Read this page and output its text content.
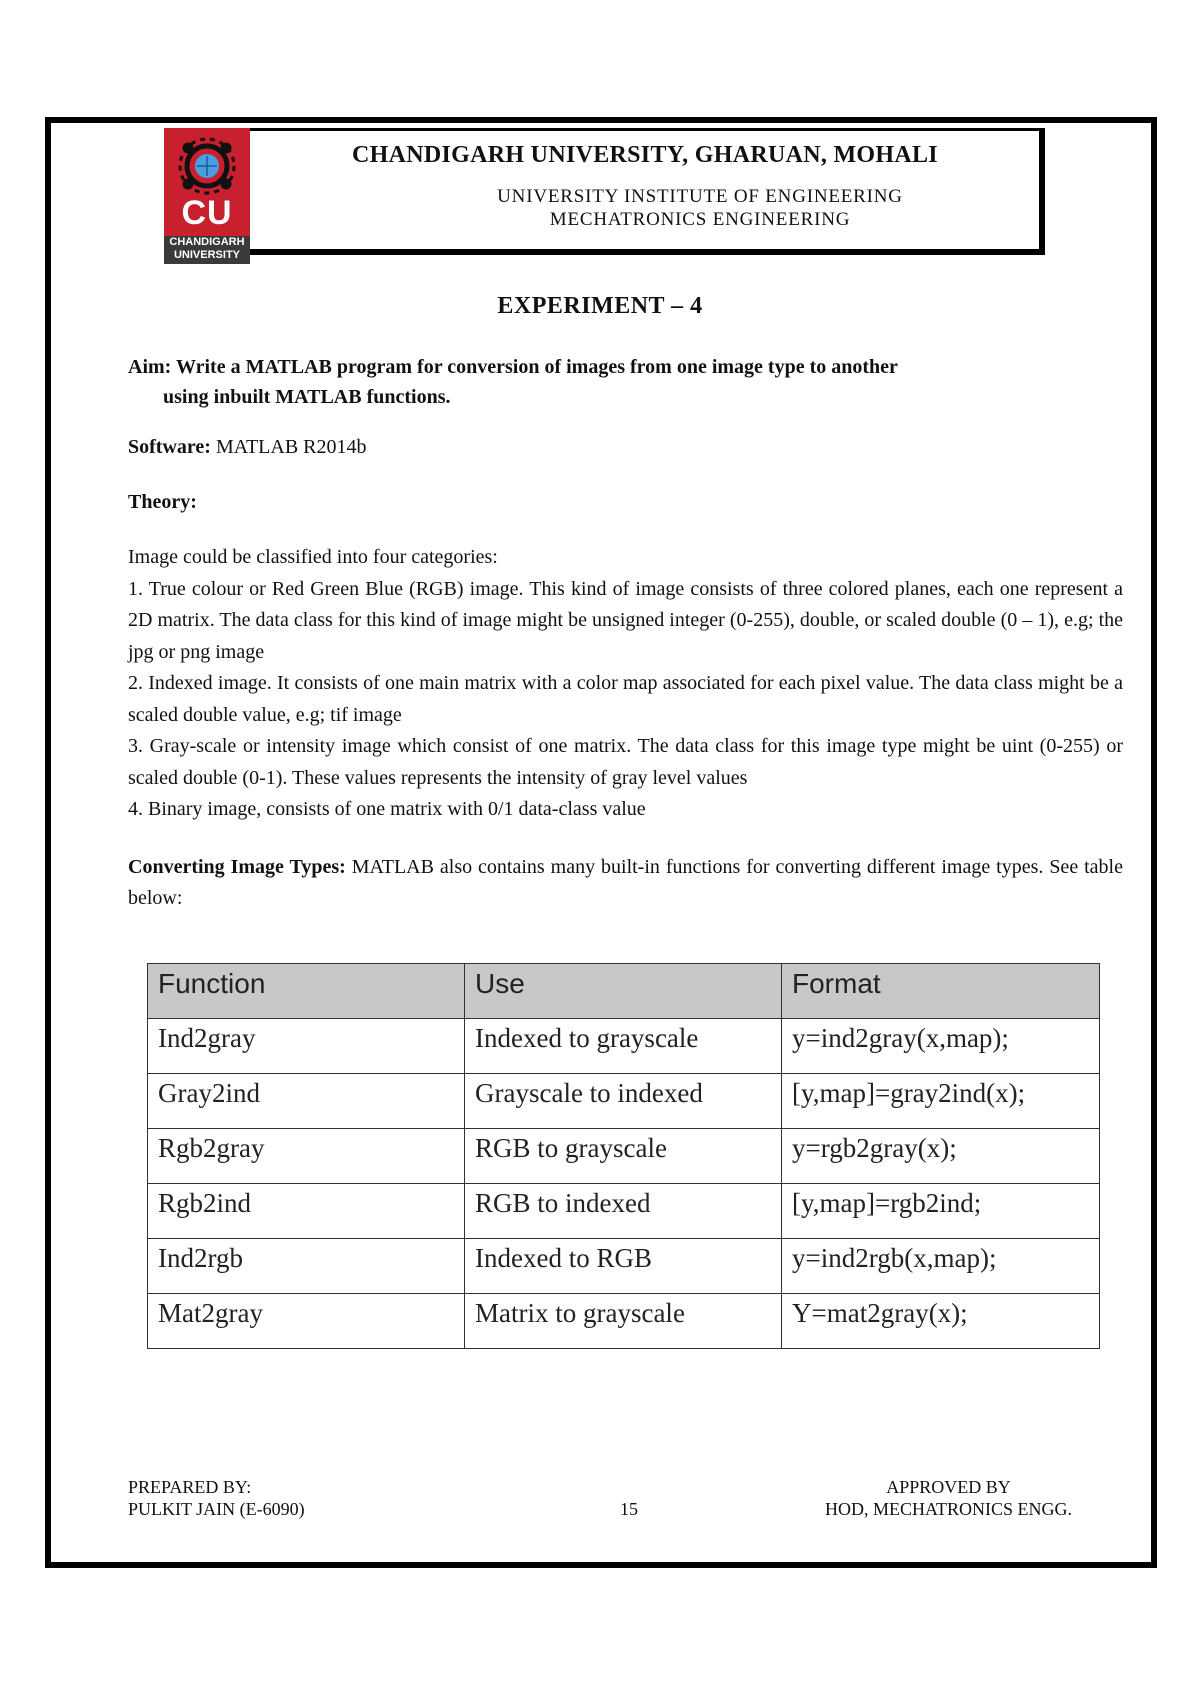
CU
CHANDIGARH
UNIVERSITY
CHANDIGARH UNIVERSITY, GHARUAN, MOHALI
UNIVERSITY INSTITUTE OF ENGINEERING
MECHATRONICS ENGINEERING
EXPERIMENT – 4
Aim: Write a MATLAB program for conversion of images from one image type to another
using inbuilt MATLAB functions.
Software: MATLAB R2014b
Theory:
Image could be classified into four categories:
1. True colour or Red Green Blue (RGB) image. This kind of image consists of three colored planes, each one represent a 2D matrix. The data class for this kind of image might be unsigned integer (0-255), double, or scaled double (0 – 1), e.g; the jpg or png image
2. Indexed image. It consists of one main matrix with a color map associated for each pixel value. The data class might be a scaled double value, e.g; tif image
3. Gray-scale or intensity image which consist of one matrix. The data class for this image type might be uint (0-255) or scaled double (0-1). These values represents the intensity of gray level values
4. Binary image, consists of one matrix with 0/1 data-class value
Converting Image Types: MATLAB also contains many built-in functions for converting different image types. See table below:
Function	Use	Format
Ind2gray	Indexed to grayscale	y=ind2gray(x,map);
Gray2ind	Grayscale to indexed	[y,map]=gray2ind(x);
Rgb2gray	RGB to grayscale	y=rgb2gray(x);
Rgb2ind	RGB to indexed	[y,map]=rgb2ind;
Ind2rgb	Indexed to RGB	y=ind2rgb(x,map);
Mat2gray	Matrix to grayscale	Y=mat2gray(x);
PREPARED BY:
PULKIT JAIN (E-6090)	15
APPROVED BY
HOD, MECHATRONICS ENGG.
